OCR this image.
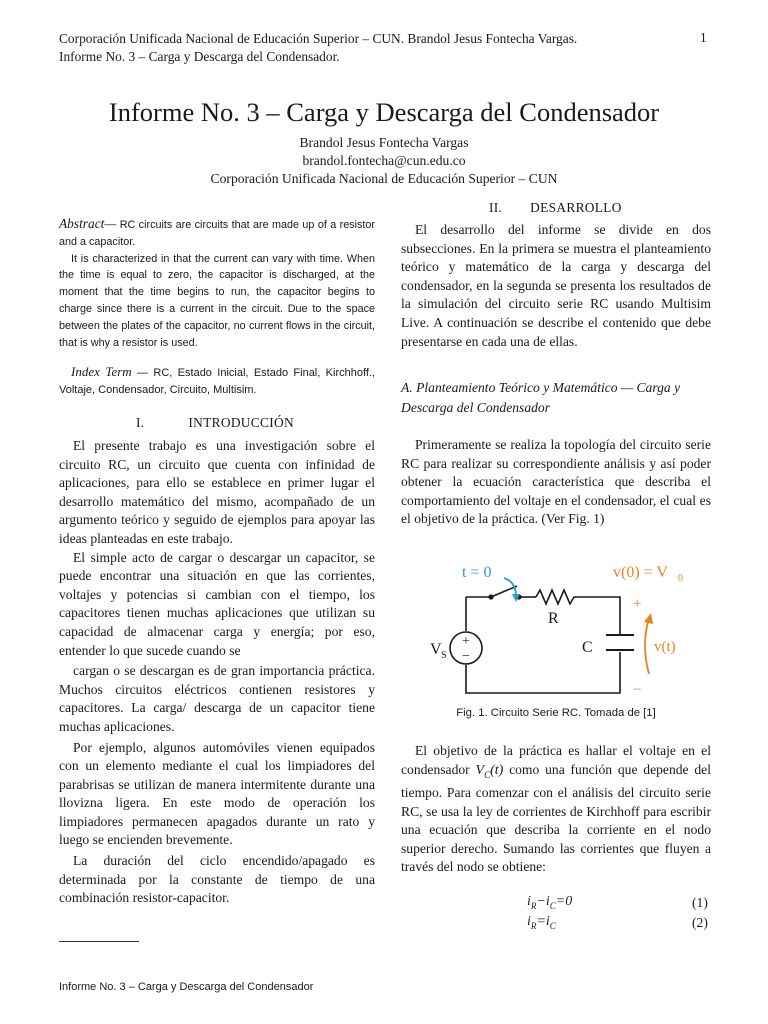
Corporación Unificada Nacional de Educación Superior – CUN. Brandol Jesus Fontecha Vargas.
Informe No. 3 – Carga y Descarga del Condensador.
1
Informe No. 3 – Carga y Descarga del Condensador
Brandol Jesus Fontecha Vargas
brandol.fontecha@cun.edu.co
Corporación Unificada Nacional de Educación Superior – CUN

Abstract— RC circuits are circuits that are made up of a resistor and a capacitor.

It is characterized in that the current can vary with time. When the time is equal to zero, the capacitor is discharged, at the moment that the time begins to run, the capacitor begins to charge since there is a current in the circuit. Due to the space between the plates of the capacitor, no current flows in the circuit, that is why a resistor is used.

Index Term — RC, Estado Inicial, Estado Final, Kirchhoff., Voltaje, Condensador, Circuito, Multisim.
I.	INTRODUCCIÓN

El presente trabajo es una investigación sobre el circuito RC, un circuito que cuenta con infinidad de aplicaciones, para ello se establece en primer lugar el desarrollo matemático del mismo, acompañado de un argumento teórico y seguido de ejemplos para apoyar las ideas planteadas en este trabajo.

El simple acto de cargar o descargar un capacitor, se puede encontrar una situación en que las corrientes, voltajes y potencias si cambian con el tiempo, los capacitores tienen muchas aplicaciones que utilizan su capacidad de almacenar carga y energía; por eso, entender lo que sucede cuando se

cargan o se descargan es de gran importancia práctica. Muchos circuitos eléctricos contienen resistores y capacitores. La carga/ descarga de un capacitor tiene muchas aplicaciones.

Por ejemplo, algunos automóviles vienen equipados con un elemento mediante el cual los limpiadores del parabrisas se utilizan de manera intermitente durante una lloviznа ligera. En este modo de operación los limpiadores permanecen apagados durante un rato y luego se encienden brevemente.

La duración del ciclo encendido/apagado es determinada por la constante de tiempo de una combinación resistor-capacitor.

II. DESARROLLO

El desarrollo del informe se divide en dos subsecciones. En la primera se muestra el planteamiento teórico y matemático de la carga y descarga del condensador, en la segunda se presenta los resultados de la simulación del circuito serie RC usando Multisim Live. A continuación se describe el contenido que debe presentarse en cada una de ellas.

A. Planteamiento Teórico y Matemático — Carga y Descarga del Condensador

Primeramente se realiza la topología del circuito serie RC para realizar su correspondiente análisis y así poder obtener la ecuación característica que describa el comportamiento del voltaje en el condensador, el cual es el objetivo de la práctica. (Ver Fig. 1)

+
−
t = 0	v(0) = V 0
R
C
V S
+
−
v(t)
Fig. 1. Circuito Serie RC. Tomada de [1]

El objetivo de la práctica es hallar el voltaje en el condensador $V_C(t)$ como una función que depende del tiempo. Para comenzar con el análisis del circuito serie RC, se usa la ley de corrientes de Kirchhoff para escribir una ecuación que describa la corriente en el nodo superior derecho. Sumando las corrientes que fluyen a través del nodo se obtiene:

$i_R-i_C=0$	(1)
$i_R=i_C$	(2)
Informe No. 3 – Carga y Descarga del Condensador
